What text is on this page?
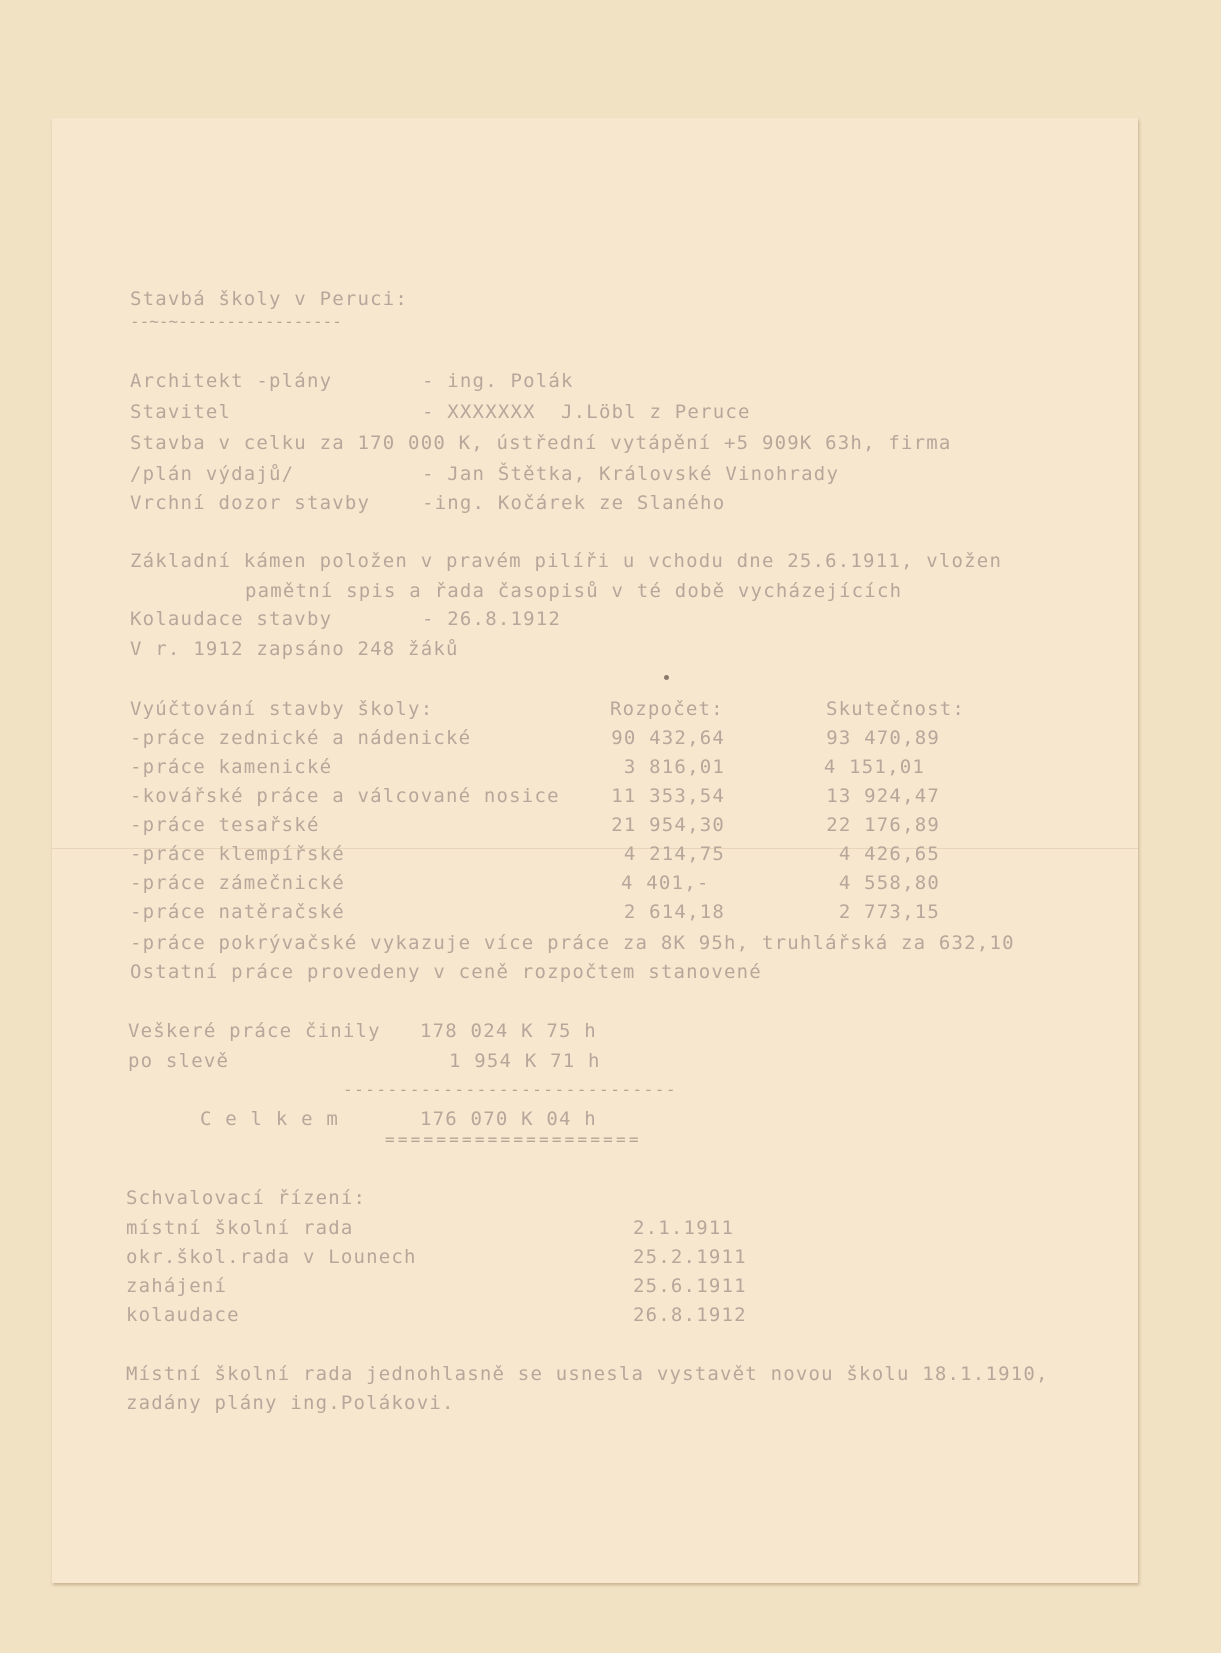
Stavbá školy v Peruci:
--~-~-----------------
Architekt -plány	- ing. Polák
Stavitel	- XXXXXXX  J.Löbl z Peruce
Stavba v celku za 170 000 K, ústřední vytápění +5 909K 63h, firma
/plán výdajů/	- Jan Štětka, Královské Vinohrady
Vrchní dozor stavby	-ing. Kočárek ze Slaného
Základní kámen položen v pravém pilíři u vchodu dne 25.6.1911, vložen
pamětní spis a řada časopisů v té době vycházejících
Kolaudace stavby	- 26.8.1912
V r. 1912 zapsáno 248 žáků
Vyúčtování stavby školy:	Rozpočet:	Skutečnost:
-práce zednické a nádenické	90 432,64	93 470,89
-práce kamenické	3 816,01	4 151,01
-kovářské práce a válcované nosice	11 353,54	13 924,47
-práce tesařské	21 954,30	22 176,89
-práce klempířské	4 214,75	4 426,65
-práce zámečnické	4 401,-	4 558,80
-práce natěračské	2 614,18	2 773,15
-práce pokrývačské vykazuje více práce za 8K 95h, truhlářská za 632,10
Ostatní práce provedeny v ceně rozpočtem stanovené
Veškeré práce činily 178 024 K 75 h
po slevě	1 954 K 71 h
------------------------------
C e l k e m	176 070 K 04 h
====================
Schvalovací řízení:
místní školní rada	2.1.1911
okr.škol.rada v Lounech	25.2.1911
zahájení	25.6.1911
kolaudace	26.8.1912
Místní školní rada jednohlasně se usnesla vystavět novou školu 18.1.1910,
zadány plány ing.Polákovi.
